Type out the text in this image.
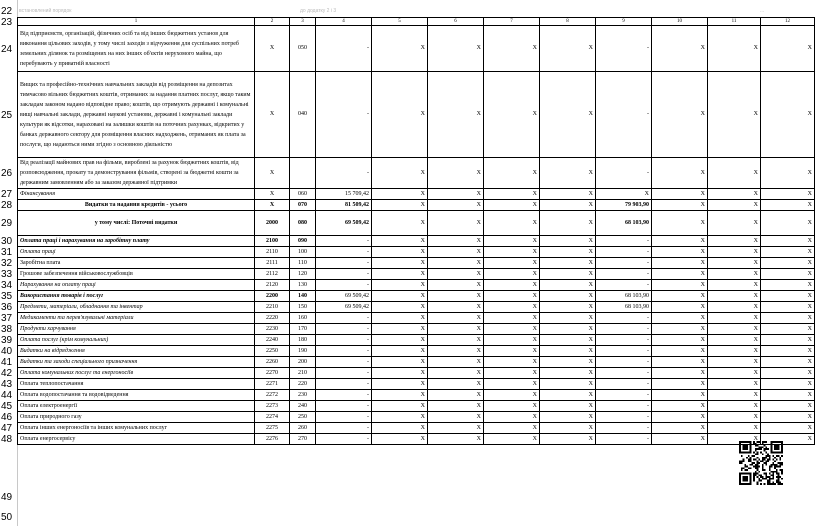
22
23
24
25
26
27
28
29
30
31
32
33
34
35
36
37
38
39
40
41
42
43
44
45
46
47
48
49
50
встановлений порядок	до додатку 2 і 3	...
1	2	3	4	5	6	7	8	9	10	11	12
Від підприємств, організацій, фізичних осіб та від інших бюджетних установ для виконання цільових заходів, у тому числі заходів з відчуження для суспільних потреб земельних ділянок та розміщених на них інших об'єктів нерухомого майна, що перебувають у приватній власності	X	050	-	X	X	X	X	-	X	X	X
Вищих та професійно-технічних навчальних закладів від розміщення на депозитах тимчасово вільних бюджетних коштів, отриманих за надання платних послуг, якщо таким закладам законом надано відповідне право; коштів, що отримують державні і комунальні вищі навчальні заклади, державні наукові установи, державні і комунальні заклади культури як відсотки, нараховані на залишки коштів на поточних рахунках, відкритих у банках державного сектору для розміщення власних надходжень, отриманих як плата за послуги, що надаються ними згідно з основною діяльністю	X	040	-	X	X	X	X	-	X	X	X
Від реалізації майнових прав на фільми, вироблені за рахунок бюджетних коштів, від розповсюдження, прокату та демонстрування фільмів, створені за бюджетні кошти за державним замовленням або за заказом державної підтримки	X		-	X	X	X	X	-	X	X	X
Фінансування	X	060	15 709,42	X	X	X	X	X	X	X	X
Видатки та надання кредитів - усього	X	070	81 509,42	X	X	X	X	79 903,90	X	X	X
у тому числі: Поточні видатки	2000	080	69 509,42	X	X	X	X	68 103,90	X	X	X
Оплата праці і нарахування на заробітну плату	2100	090	-	X	X	X	X	-	X	X	X
Оплата праці	2110	100	-	X	X	X	X	-	X	X	X
Заробітна плата	2111	110	-	X	X	X	X	-	X	X	X
Грошове забезпечення військовослужбовців	2112	120	-	X	X	X	X	-	X	X	X
Нарахування на оплату праці	2120	130	-	X	X	X	X	-	X	X	X
Використання товарів і послуг	2200	140	69 509,42	X	X	X	X	68 103,90	X	X	X
Предмети, матеріали, обладнання та інвентар	2210	150	69 509,42	X	X	X	X	68 103,90	X	X	X
Медикаменти та перев'язувальні матеріали	2220	160	-	X	X	X	X	-	X	X	X
Продукти харчування	2230	170	-	X	X	X	X	-	X	X	X
Оплата послуг (крім комунальних)	2240	180	-	X	X	X	X	-	X	X	X
Видатки на відрядження	2250	190	-	X	X	X	X	-	X	X	X
Видатки та заходи спеціального призначення	2260	200	-	X	X	X	X	-	X	X	X
Оплата комунальних послуг та енергоносіїв	2270	210	-	X	X	X	X	-	X	X	X
Оплата теплопостачання	2271	220	-	X	X	X	X	-	X	X	X
Оплата водопостачання та водовідведення	2272	230	-	X	X	X	X	-	X	X	X
Оплата електроенергії	2273	240	-	X	X	X	X	-	X	X	X
Оплата природного газу	2274	250	-	X	X	X	X	-	X	X	X
Оплата інших енергоносіїв та інших комунальних послуг	2275	260	-	X	X	X	X	-	X	X	X
Оплата енергосервісу	2276	270	-	X	X	X	X	-	X	X	X
